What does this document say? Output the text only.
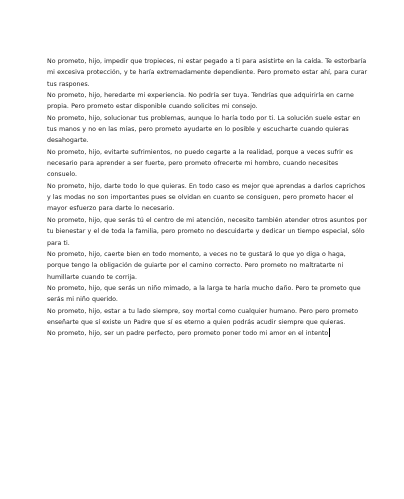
No prometo, hijo, impedir que tropieces, ni estar pegado a ti para asistirte en la caída. Te estorbaría mi excesiva protección, y te haría extremadamente dependiente. Pero prometo estar ahí, para curar tus raspones.

No prometo, hijo, heredarte mi experiencia. No podría ser tuya. Tendrías que adquirirla en carne propia. Pero prometo estar disponible cuando solicites mi consejo.

No prometo, hijo, solucionar tus problemas, aunque lo haría todo por ti. La solución suele estar en tus manos y no en las mías, pero prometo ayudarte en lo posible y escucharte cuando quieras desahogarte.

No prometo, hijo, evitarte sufrimientos, no puedo cegarte a la realidad, porque a veces sufrir es necesario para aprender a ser fuerte, pero prometo ofrecerte mi hombro, cuando necesites consuelo.

No prometo, hijo, darte todo lo que quieras. En todo caso es mejor que aprendas a darlos caprichos y las modas no son importantes pues se olvidan en cuanto se consiguen, pero prometo hacer el mayor esfuerzo para darte lo necesario.

No prometo, hijo, que serás tú el centro de mi atención, necesito también atender otros asuntos por tu bienestar y el de toda la familia, pero prometo no descuidarte y dedicar un tiempo especial, sólo para ti.

No prometo, hijo, caerte bien en todo momento, a veces no te gustará lo que yo diga o haga, porque tengo la obligación de guiarte por el camino correcto. Pero prometo no maltratarte ni humillarte cuando te corrija.

No prometo, hijo, que serás un niño mimado, a la larga te haría mucho daño. Pero te prometo que serás mi niño querido.

No prometo, hijo, estar a tu lado siempre, soy mortal como cualquier humano. Pero pero prometo enseñarte que sí existe un Padre que sí es eterno a quien podrás acudir siempre que quieras.

No prometo, hijo, ser un padre perfecto, pero prometo poner todo mi amor en el intento
